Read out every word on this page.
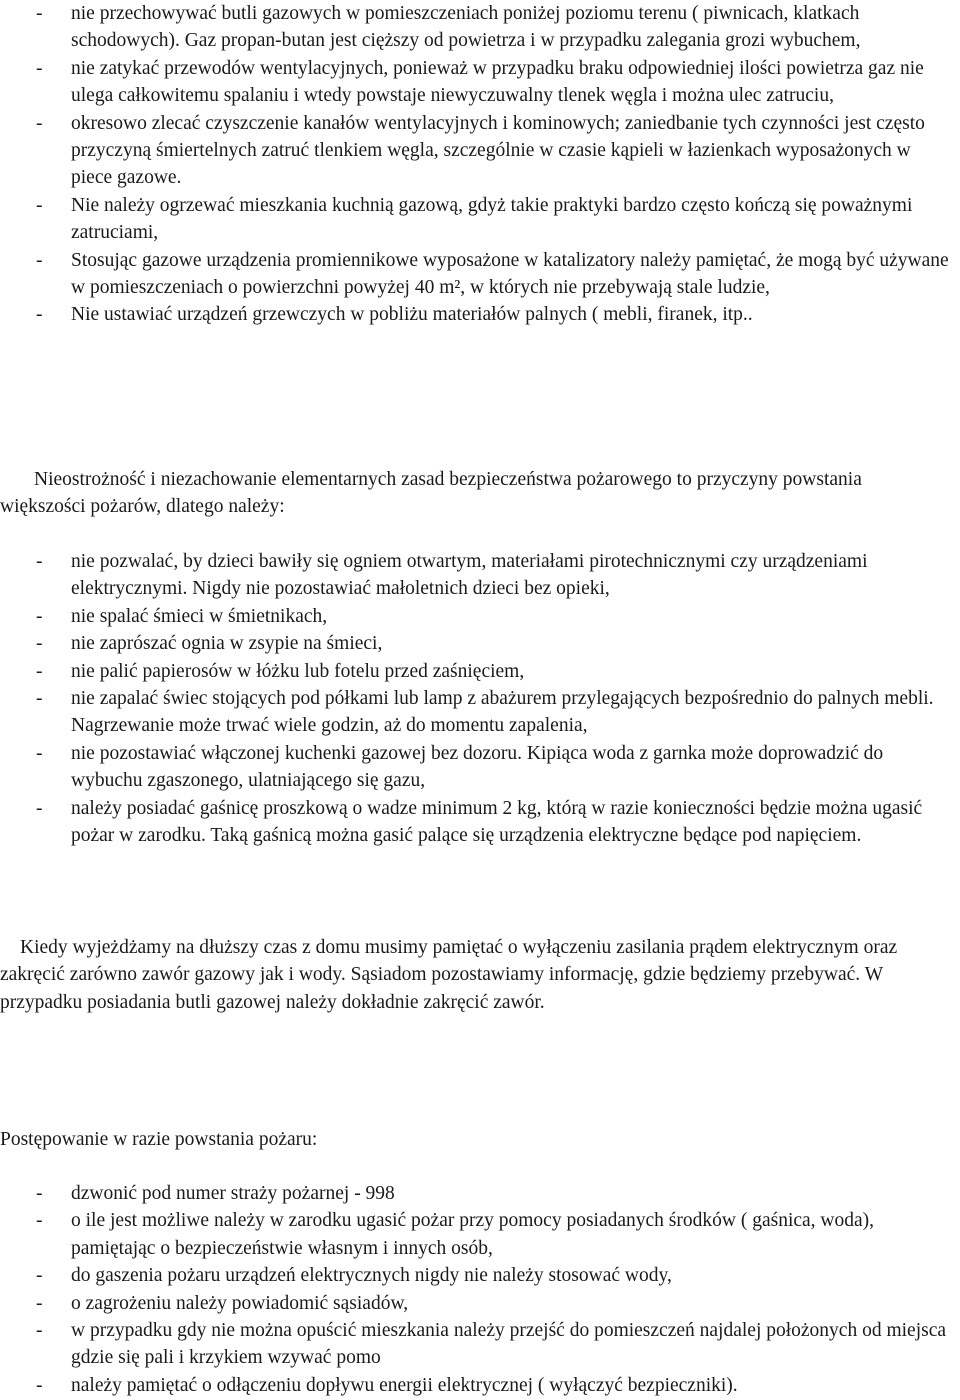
- nie przechowywać butli gazowych w pomieszczeniach poniżej poziomu terenu ( piwnicach, klatkach schodowych). Gaz propan-butan jest cięższy od powietrza i w przypadku zalegania grozi wybuchem,
- nie zatykać przewodów wentylacyjnych, ponieważ w przypadku braku odpowiedniej ilości powietrza gaz nie ulega całkowitemu spalaniu i wtedy powstaje niewyczuwalny tlenek węgla i można ulec zatruciu,
- okresowo zlecać czyszczenie kanałów wentylacyjnych i kominowych; zaniedbanie tych czynności jest często przyczyną śmiertelnych zatruć tlenkiem węgla, szczególnie w czasie kąpieli w łazienkach wyposażonych w piece gazowe.
- Nie należy ogrzewać mieszkania kuchnią gazową, gdyż takie praktyki bardzo często kończą się poważnymi zatruciami,
- Stosując gazowe urządzenia promiennikowe wyposażone w katalizatory należy pamiętać, że mogą być używane w pomieszczeniach o powierzchni powyżej 40 m², w których nie przebywają stale ludzie,
- Nie ustawiać urządzeń grzewczych w pobliżu materiałów palnych ( mebli, firanek, itp..

Nieostrożność i niezachowanie elementarnych zasad bezpieczeństwa pożarowego to przyczyny powstania większości pożarów, dlatego należy:

- nie pozwalać, by dzieci bawiły się ogniem otwartym, materiałami pirotechnicznymi czy urządzeniami elektrycznymi. Nigdy nie pozostawiać małoletnich dzieci bez opieki,
- nie spalać śmieci w śmietnikach,
- nie zaprószać ognia w zsypie na śmieci,
- nie palić papierosów w łóżku lub fotelu przed zaśnięciem,
- nie zapalać świec stojących pod półkami lub lamp z abażurem przylegających bezpośrednio do palnych mebli. Nagrzewanie może trwać wiele godzin, aż do momentu zapalenia,
- nie pozostawiać włączonej kuchenki gazowej bez dozoru. Kipiąca woda z garnka może doprowadzić do wybuchu zgaszonego, ulatniającego się gazu,
- należy posiadać gaśnicę proszkową o wadze minimum 2 kg, którą w razie konieczności będzie można ugasić pożar w zarodku. Taką gaśnicą można gasić palące się urządzenia elektryczne będące pod napięciem.

Kiedy wyjeżdżamy na dłuższy czas z domu musimy pamiętać o wyłączeniu zasilania prądem elektrycznym oraz zakręcić zarówno zawór gazowy jak i wody. Sąsiadom pozostawiamy informację, gdzie będziemy przebywać. W przypadku posiadania butli gazowej należy dokładnie zakręcić zawór.

Postępowanie w razie powstania pożaru:

- dzwonić pod numer straży pożarnej - 998
- o ile jest możliwe należy w zarodku ugasić pożar przy pomocy posiadanych środków ( gaśnica, woda), pamiętając o bezpieczeństwie własnym i innych osób,
- do gaszenia pożaru urządzeń elektrycznych nigdy nie należy stosować wody,
- o zagrożeniu należy powiadomić sąsiadów,
- w przypadku gdy nie można opuścić mieszkania należy przejść do pomieszczeń najdalej położonych od miejsca gdzie się pali i krzykiem wzywać pomo
- należy pamiętać o odłączeniu dopływu energii elektrycznej ( wyłączyć bezpieczniki).
